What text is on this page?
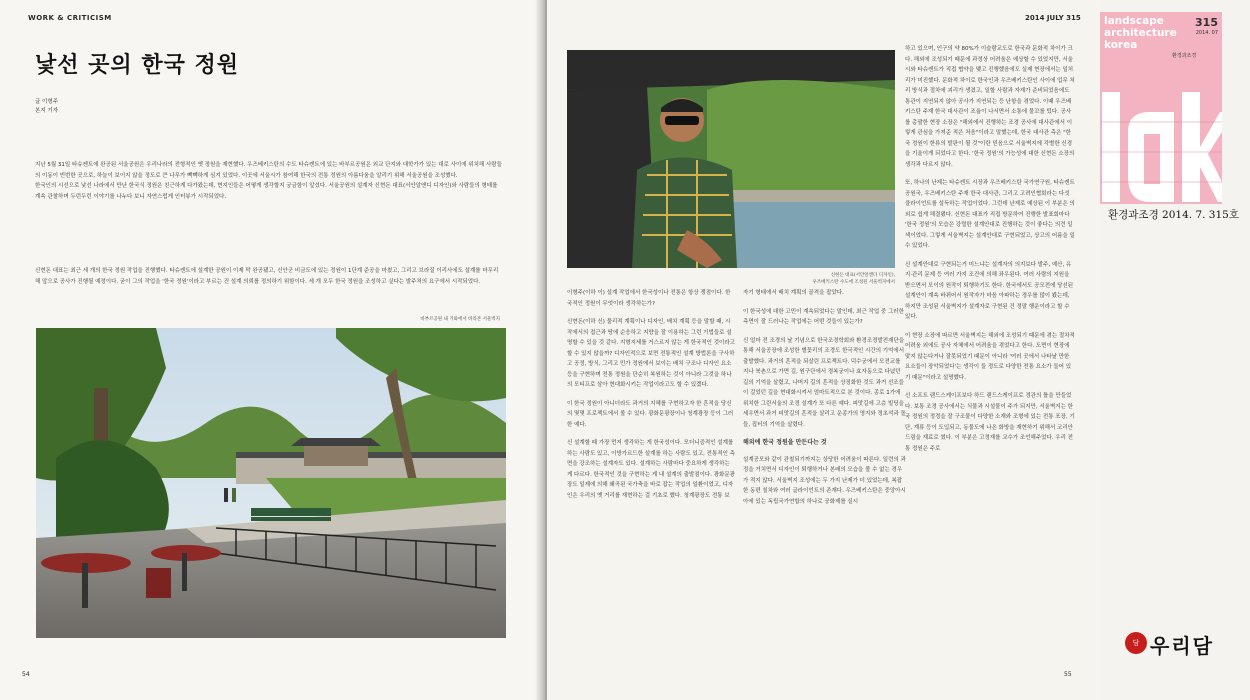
WORK & CRITICISM
낯선 곳의 한국 정원
글 이형주
본지 기자

지난 5월 31일 타슈켄트에 완공된 서울공원은 우리나라의 전형적인 옛 정원을 재현했다. 우즈베키스탄의 수도 타슈켄트에 있는 바부르공원은 외교 단지와 대학가가 있는 대로 사이에 위치해 사람들의 이동이 빈번한 곳으로, 하늘이 보이지 않을 정도로 큰 나무가 빽빽하게 심겨 있었다. 이곳에 서울시가 참여해 한국의 전통 정원의 아름다움을 알리기 위해 서울공원을 조성했다.

한국인의 시선으로 낯선 나라에서 만난 한국식 정원은 친근하게 다가왔는데, 현지인들은 어떻게 생각할지 궁금함이 앞섰다. 서울공원의 설계자 신현돈 대표(서안알앤디 디자인)와 사람들의 형태를 계속 관찰하며 두런두런 이야기를 나누다 보니 자연스럽게 인터뷰가 시작되었다.

신현돈 대표는 최근 세 개의 한국 정원 작업을 진행했다. 타슈켄트에 설계한 공원이 이제 막 완공됐고, 신안군 비금도에 있는 정원이 1단계 준공을 마쳤고, 그리고 브라질 이리사에도 설계를 마무리해 앞으로 공사가 진행될 예정이다. 굳이 그의 작업을 '한국 정원'이라고 부르는 건 설계 의뢰를 정의하기 위함이다. 세 개 모두 한국 정원을 조성하고 싶다는 발주처의 요구에서 시작되었다.

바부르공원 내 기와에서 바라본 서울벽지
54
2014 JULY 315
신현돈 대표(서안알앤디 디자인),
우즈베키스탄 수도에 조성된 서울벽지에서

이형주(이하 이) 설계 작업에서 한국성이나 전통은 항상 쟁점이다. 한국적인 정원이 무엇이라 생각하는가?

신현돈(이하 신) 물리적 계획이나 디자인, 배치 계획 등을 말할 때, 시작에서의 접근과 땅에 순응하고 지향을 잘 이용하는 그런 기법들로 설명할 수 있을 것 같다. 지형지세를 거스르지 않는 게 한국적인 것이라고 할 수 있지 않을까? 디자인적으로 보면 전통적인 설계 방법론을 구사하고 공정, 방식, 그리고 민가 정원에서 보이는 배치 구조나 디자인 요소 등을 구현하며 전통 정원을 단순히 복원하는 것이 아니라 그것을 하나의 모티프로 삼아 현대화시키는 작업이라고도 할 수 있겠다.

이 한국 정원이 아니더라도 과거의 지혜를 구현하고자 한 흔적을 당신의 몇몇 프로젝트에서 볼 수 있다. 광화문광장이나 청계광장 등이 그러한 예다.

신 설계할 때 가장 먼저 생각하는 게 한국성이다. 모더니즘적인 설계를 하는 사람도 있고, 이방가르드한 설계를 하는 사람도 있고, 전통적인 측면을 강조하는 설계자도 있다. 설계하는 사람마다 중요하게 생각하는 게 다르다. 한국적인 것을 구현하는 게 내 설계의 출발점이다. 광화문광장도 일제에 의해 왜곡된 국가축을 바로 잡는 작업의 일환이었고, 디자인은 우리의 옛 거리를 재현하는 걸 기초로 했다. 청계광장도 전통 보

자기 형태에서 배치 계획의 골격을 잡았다.

이 한국성에 대한 고민이 계속되었다는 말인데, 최근 작업 중 그러한 측면이 잘 드러나는 작업에는 어떤 것들이 있는가?

신 얼마 전 조경의 날 기념으로 한국조경학회와 환경조경발전재단을 통해 서울공장에 조성한 별꽃리의 조경도 한국적인 시간의 기억에서 출발했다. 과거의 흔적을 되살린 프로젝트다. 덕수궁에서 모전교를 지나 북촌으로 가면 길, 원구단에서 경복궁이나 효자동으로 다녔던 길의 기억을 살렸고, 나머지 길의 흔적을 상징화한 것도 과거 선조들이 걸었던 길을 현대화시켜서 엄마트적으로 본 것이다. 종로 1가에 위치한 그린서울의 조경 설계가 또 다른 예다. 피맛길에 고층 빌딩을 세우면서 과거 피맛길의 흔적을 살리고 운종가의 영지와 정초석과 돌들, 집터의 기억을 살렸다.

해외에 한국 정원을 만든다는 것

설계공모와 같이 관철되기까지는 상당한 어려움이 따른다. 일련의 과정을 거치면서 디자인이 퇴행하거나 본래의 모습을 볼 수 없는 경우가 적지 않다. 서울벽지 조성에는 두 가지 난제가 더 있었는데, 복잡한 동편 칠차와 여러 글라이언트의 존재다. 우즈베키스탄은 중앙아시아에 있는 독립국가연합의 하나로 공화제를 실시

하고 있으며, 인구의 약 80%가 이슬람교도로 한국과 문화적 차이가 크다. 해외에 조성되기 때문에 과정상 어려움은 예상할 수 있었지만, 서울시와 타슈켄트가 직접 협약을 맺고 진행했음에도 실제 현장에서는 일처리가 미진했다. 문화적 차이로 한국인과 우즈베키스탄인 사이에 업무 처리 방식과 절차에 괴리가 생겼고, 일할 사람과 자재가 준비되었음에도 통관이 지연되지 않아 공사가 지연되는 등 난항을 겪었다. 이때 우즈베키스탄 주재 한국 대사관이 조율이 나서면서 소통에 물꼬를 텄다. 공사를 총괄한 현장 소장은 "해외에서 진행하는 조경 공사에 대사관에서 이렇게 관심을 가져준 적은 처음"이라고 말했는데, 한국 대사관 측은 "한국 정원이 한류의 발판이 될 것"이란 믿음으로 서울벽지에 각별한 신경을 기울이게 되었다고 한다. '한국 정원'의 가능성에 대한 신현돈 소장의 생각과 다르지 않다.

또, 하나의 난제는 타슈켄트 시장과 우즈베키스탄 국가연구원, 타슈켄트 공원국, 우즈베키스탄 주재 한국 대사관, 그리고 고려인협회라는 다섯 클라이언트를 설득하는 작업이었다. 그런데 난제로 예상된 이 부분은 의외로 쉽게 해결됐다. 신현돈 대표가 직접 방문하여 진행한 발표회마다 '한국 정원'의 모습은 강렬한 설계안대로 진행하는 것이 좋다는 의견 일색이었다. 그렇게 서울벽지는 설계안대로 구현되었고, 상고의 어름을 일 수 있었다.

신 설계안대로 구현되는거 미느냐는 설계자의 의지보다 발주, 예산, 유지·관리 문제 등 여러 가지 조건에 의해 좌우된다. 여러 사람의 지원을 받으면서 모이의 원작이 퇴행하기도 한다. 한국에서도 공모전에 당선된 설계안이 계속 바뀌어서 원작자가 마음 아파하는 경우를 많이 봤는데, 하지만 조성된 서울벽지가 설계자로 구현된 건 정말 행운이라고 할 수 있다.

이 현장 소장에 따르면 서울벽지는 해외에 조성되기 때문에 겪는 절차적 어려움 외에도 공사 자체에서 어려움을 겪었다고 한다. 도면이 현장에 맞지 않는다거나 잘못되었기 때문이 아니라 '여러 곳에서 나타날 만한 요소들이 장악되었다'는 생각이 들 정도로 다양한 전통 요소가 들어 있기 때문"이라고 설명했다.

신 소프트 랜드스케이프보다 하드 랜드스케이프로 경관의 틀을 만들었다. 보통 조경 공사에서는 식물과 시설물이 주가 되지만, 서울벽지는 한국 정원의 정경을 잘 구조물이 다양한 소재와 조형에 있는 전통 포장, 기단, 계류 등이 도입되고, 동물도에 나온 화방을 재현하기 위해서 코리안드림을 재료로 썼다. 이 부분은 고정재를 교수가 조언해주었다. 우리 전통 정원은 주로

55
landscape
architecture
korea
315
2014. 07
환경과조경
환경과조경 2014. 7. 315호
담 우리담
